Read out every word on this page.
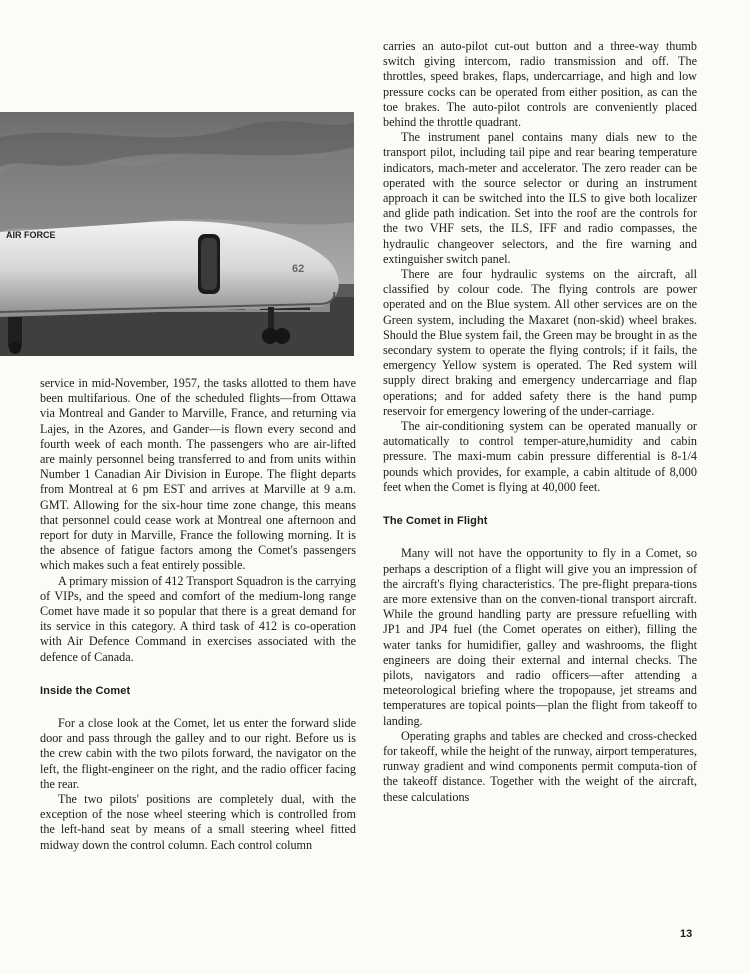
AIR FORCE
62

service in mid-November, 1957, the tasks allotted to them have been multifarious. One of the scheduled flights—from Ottawa via Montreal and Gander to Marville, France, and returning via Lajes, in the Azores, and Gander—is flown every second and fourth week of each month. The passengers who are air-lifted are mainly personnel being transferred to and from units within Number 1 Canadian Air Division in Europe. The flight departs from Montreal at 6 pm EST and arrives at Marville at 9 a.m. GMT. Allowing for the six-hour time zone change, this means that personnel could cease work at Montreal one afternoon and report for duty in Marville, France the following morning. It is the absence of fatigue factors among the Comet's passengers which makes such a feat entirely possible.

A primary mission of 412 Transport Squadron is the carrying of VIPs, and the speed and comfort of the medium-long range Comet have made it so popular that there is a great demand for its service in this category. A third task of 412 is co-operation with Air Defence Command in exercises associated with the defence of Canada.

Inside the Comet

For a close look at the Comet, let us enter the forward slide door and pass through the galley and to our right. Before us is the crew cabin with the two pilots forward, the navigator on the left, the flight-engineer on the right, and the radio officer facing the rear.

The two pilots' positions are completely dual, with the exception of the nose wheel steering which is controlled from the left-hand seat by means of a small steering wheel fitted midway down the control column. Each control column

carries an auto-pilot cut-out button and a three-way thumb switch giving intercom, radio transmission and off. The throttles, speed brakes, flaps, undercarriage, and high and low pressure cocks can be operated from either position, as can the toe brakes. The auto-pilot controls are conveniently placed behind the throttle quadrant.

The instrument panel contains many dials new to the transport pilot, including tail pipe and rear bearing temperature indicators, mach-meter and accelerator. The zero reader can be operated with the source selector or during an instrument approach it can be switched into the ILS to give both localizer and glide path indication. Set into the roof are the controls for the two VHF sets, the ILS, IFF and radio compasses, the hydraulic changeover selectors, and the fire warning and extinguisher switch panel.

There are four hydraulic systems on the aircraft, all classified by colour code. The flying controls are power operated and on the Blue system. All other services are on the Green system, including the Maxaret (non-skid) wheel brakes. Should the Blue system fail, the Green may be brought in as the secondary system to operate the flying controls; if it fails, the emergency Yellow system is operated. The Red system will supply direct braking and emergency undercarriage and flap operations; and for added safety there is the hand pump reservoir for emergency lowering of the under-carriage.

The air-conditioning system can be operated manually or automatically to control temper-ature,humidity and cabin pressure. The maxi-mum cabin pressure differential is 8-1/4 pounds which provides, for example, a cabin altitude of 8,000 feet when the Comet is flying at 40,000 feet.

The Comet in Flight

Many will not have the opportunity to fly in a Comet, so perhaps a description of a flight will give you an impression of the aircraft's flying characteristics. The pre-flight prepara-tions are more extensive than on the conven-tional transport aircraft. While the ground handling party are pressure refuelling with JP1 and JP4 fuel (the Comet operates on either), filling the water tanks for humidifier, galley and washrooms, the flight engineers are doing their external and internal checks. The pilots, navigators and radio officers—after attending a meteorological briefing where the tropopause, jet streams and temperatures are topical points—plan the flight from takeoff to landing.

Operating graphs and tables are checked and cross-checked for takeoff, while the height of the runway, airport temperatures, runway gradient and wind components permit computa-tion of the takeoff distance. Together with the weight of the aircraft, these calculations

13
